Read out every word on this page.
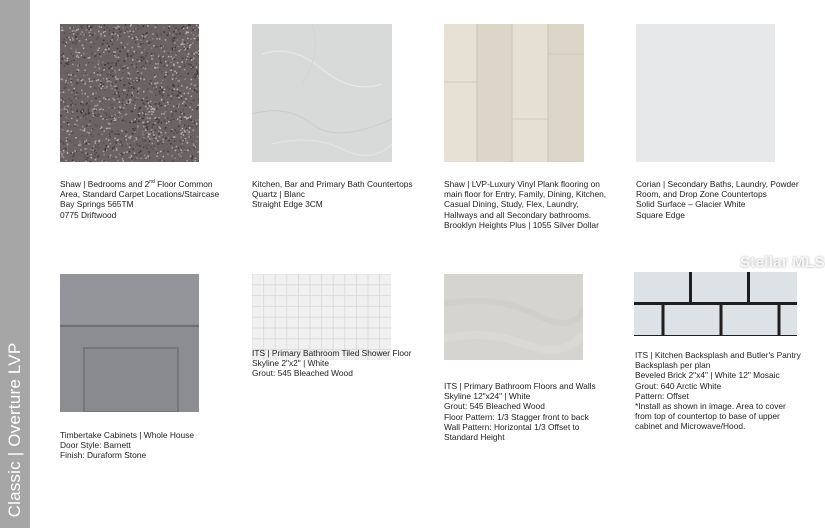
Classic | Overture LVP
Shaw | Bedrooms and 2nd Floor Common
Area, Standard Carpet Locations/Staircase
Bay Springs 565TM
0775 Driftwood
Kitchen, Bar and Primary Bath Countertops
Quartz | Blanc
Straight Edge 3CM
Shaw | LVP-Luxury Vinyl Plank flooring on
main floor for Entry, Family, Dining, Kitchen,
Casual Dining, Study, Flex, Laundry,
Hallways and all Secondary bathrooms.
Brooklyn Heights Plus | 1055 Silver Dollar
Corian | Secondary Baths, Laundry, Powder
Room, and Drop Zone Countertops
Solid Surface – Glacier White
Square Edge
Timbertake Cabinets | Whole House
Door Style: Barnett
Finish: Duraform Stone
ITS | Primary Bathroom Tiled Shower Floor
Skyline 2"x2" | White
Grout: 545 Bleached Wood
ITS | Primary Bathroom Floors and Walls
Skyline 12"x24" | White
Grout: 545 Bleached Wood
Floor Pattern: 1/3 Stagger front to back
Wall Pattern: Horizontal 1/3 Offset to
Standard Height
ITS | Kitchen Backsplash and Butler's Pantry
Backsplash per plan
Beveled Brick 2"x4" | White 12" Mosaic
Grout: 640 Arctic White
Pattern: Offset
*Install as shown in image. Area to cover
from top of countertop to base of upper
cabinet and Microwave/Hood.
Stellar MLS
